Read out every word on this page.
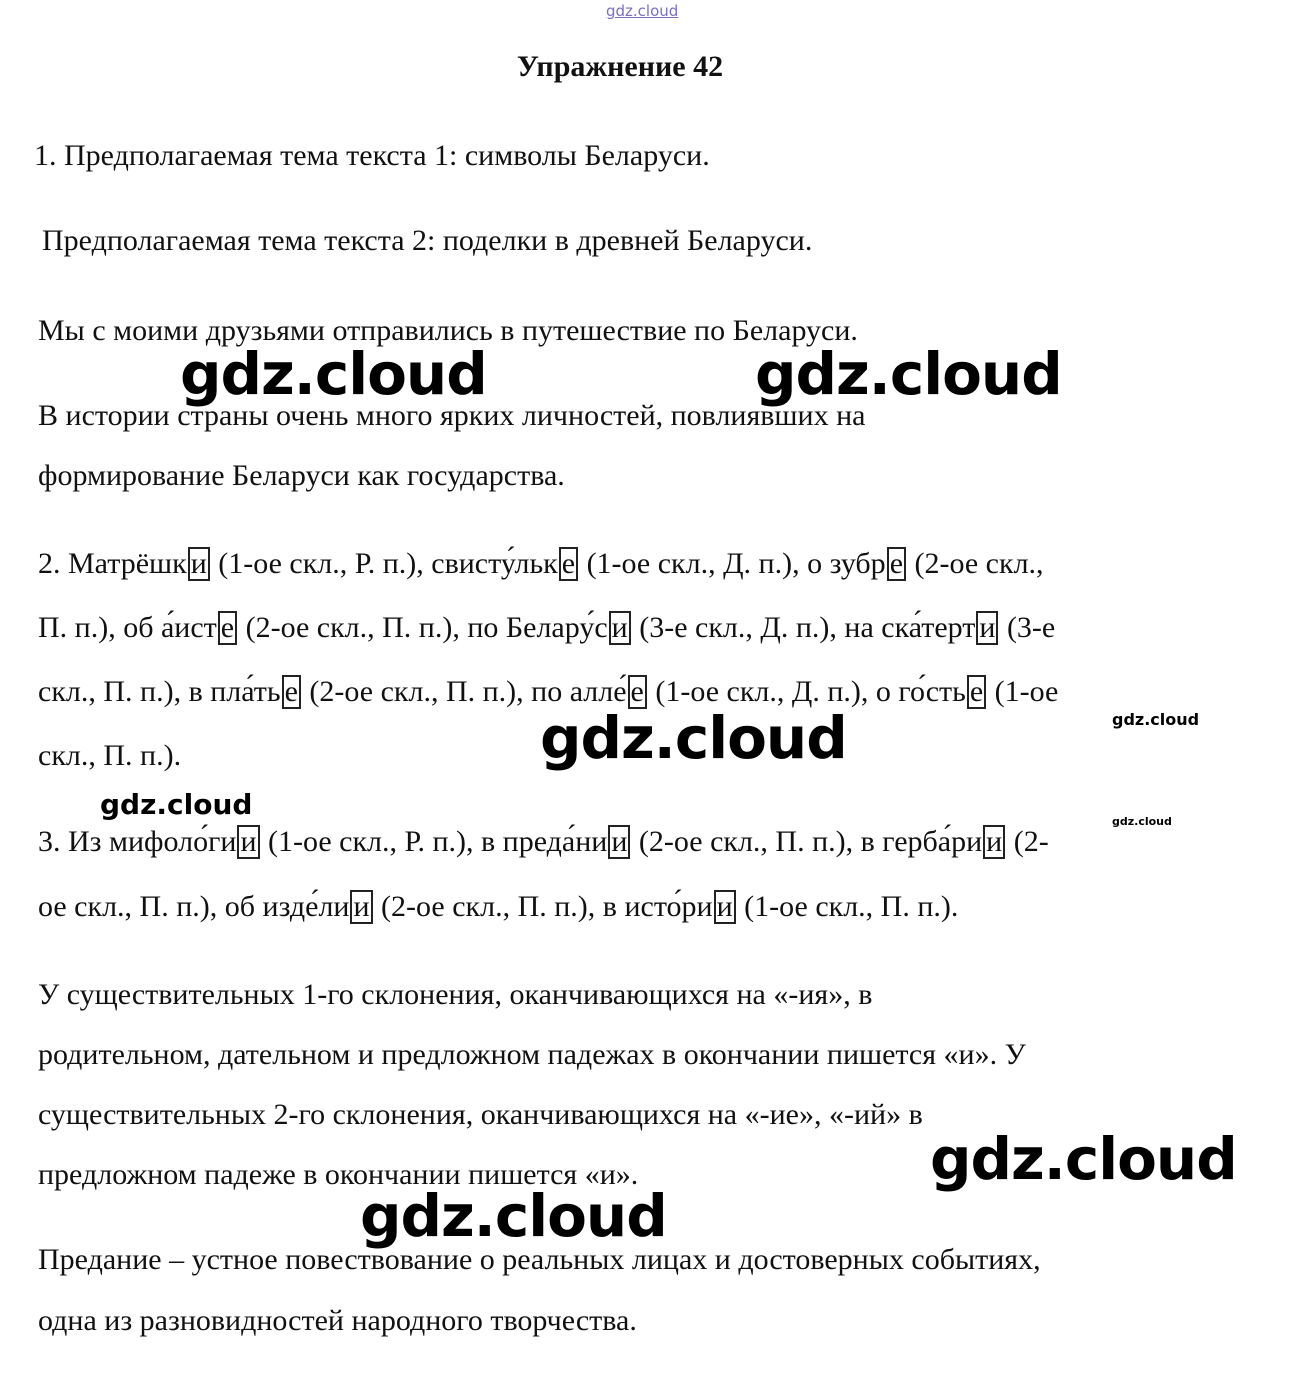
gdz.cloud
Упражнение 42
1. Предполагаемая тема текста 1: символы Беларуси.
Предполагаемая тема текста 2: поделки в древней Беларуси.
Мы с моими друзьями отправились в путешествие по Беларуси.
В истории страны очень много ярких личностей, повлиявших на
формирование Беларуси как государства.
2. Матрёшк и (1-ое скл., Р. п.), свисту́льк е (1-ое скл., Д. п.), о зубр е (2-ое скл.,
П. п.), об а́ист е (2-ое скл., П. п.), по Белару́с и (3-е скл., Д. п.), на ска́терт и (3-е
скл., П. п.), в пла́ть е (2-ое скл., П. п.), по алле́ е (1-ое скл., Д. п.), о го́сть е (1-ое
скл., П. п.).
3. Из мифоло́ги и (1-ое скл., Р. п.), в преда́ни и (2-ое скл., П. п.), в герба́ри и (2-
ое скл., П. п.), об изде́ли и (2-ое скл., П. п.), в исто́ри и (1-ое скл., П. п.).
У существительных 1-го склонения, оканчивающихся на «-ия», в
родительном, дательном и предложном падежах в окончании пишется «и». У
существительных 2-го склонения, оканчивающихся на «-ие», «-ий» в
предложном падеже в окончании пишется «и».
Предание – устное повествование о реальных лицах и достоверных событиях,
одна из разновидностей народного творчества.
gdz.cloud	gdz.cloud
gdz.cloud	gdz.cloud
gdz.cloud
gdz.cloud
gdz.cloud
gdz.cloud
